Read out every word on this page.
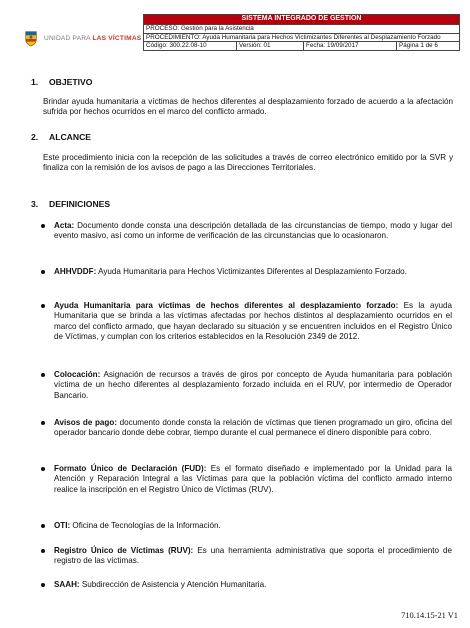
UNIDAD PARA LAS VÍCTIMAS
SISTEMA INTEGRADO DE GESTION
PROCESO: Gestión para la Asistencia
PROCEDIMIENTO: Ayuda Humanitaria para Hechos Victimizantes Diferentes al Desplazamiento Forzado
Código: 300.22.08-10	Versión: 01	Fecha: 19/09/2017	Página 1 de 6
1. OBJETIVO
Brindar ayuda humanitaria a víctimas de hechos diferentes al desplazamiento forzado de acuerdo a la afectación sufrida por hechos ocurridos en el marco del conflicto armado.
2. ALCANCE
Este procedimiento inicia con la recepción de las solicitudes a través de correo electrónico emitido por la SVR y finaliza con la remisión de los avisos de pago a las Direcciones Territoriales.
3. DEFINICIONES
Acta: Documento donde consta una descripción detallada de las circunstancias de tiempo, modo y lugar del evento masivo, así como un informe de verificación de las circunstancias que lo ocasionaron.
AHHVDDF: Ayuda Humanitaria para Hechos Victimizantes Diferentes al Desplazamiento Forzado.
Ayuda Humanitaria para víctimas de hechos diferentes al desplazamiento forzado: Es la ayuda Humanitaria que se brinda a las víctimas afectadas por hechos distintos al desplazamiento ocurridos en el marco del conflicto armado, que hayan declarado su situación y se encuentren incluidos en el Registro Único de Víctimas, y cumplan con los criterios establecidos en la Resolución 2349 de 2012.
Colocación: Asignación de recursos a través de giros por concepto de Ayuda humanitaria para población víctima de un hecho diferentes al desplazamiento forzado incluida en el RUV, por intermedio de Operador Bancario.
Avisos de pago: documento donde consta la relación de víctimas que tienen programado un giro, oficina del operador bancario donde debe cobrar, tiempo durante el cual permanece el dinero disponible para cobro.
Formato Único de Declaración (FUD): Es el formato diseñado e implementado por la Unidad para la Atención y Reparación Integral a las Víctimas para que la población víctima del conflicto armado interno realice la inscripción en el Registro Único de Víctimas (RUV).
OTI: Oficina de Tecnologías de la Información.
Registro Único de Víctimas (RUV): Es una herramienta administrativa que soporta el procedimiento de registro de las víctimas.
SAAH: Subdirección de Asistencia y Atención Humanitaria.
710.14.15-21 V1
